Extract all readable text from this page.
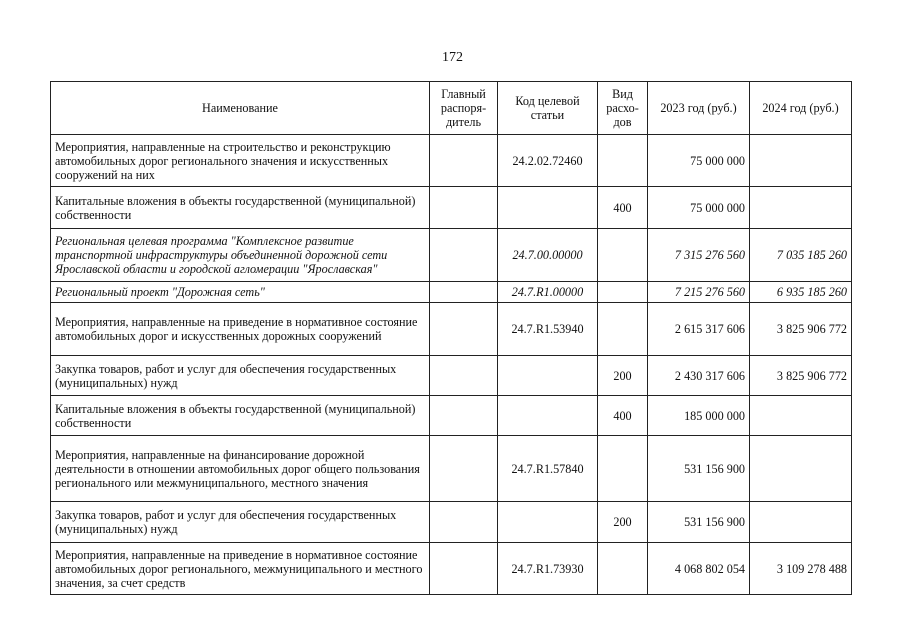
172
Наименование	Главный распоря-дитель	Код целевой статьи	Вид расхо-дов	2023 год (руб.)	2024 год (руб.)
Мероприятия, направленные на строительство и реконструкцию автомобильных дорог регионального значения и искусственных сооружений на них		24.2.02.72460		75 000 000	
Капитальные вложения в объекты государственной (муниципальной) собственности			400	75 000 000	
Региональная целевая программа "Комплексное развитие транспортной инфраструктуры объединенной дорожной сети Ярославской области и городской агломерации "Ярославская"		24.7.00.00000		7 315 276 560	7 035 185 260
Региональный проект "Дорожная сеть"		24.7.R1.00000		7 215 276 560	6 935 185 260
Мероприятия, направленные на приведение в нормативное состояние автомобильных дорог и искусственных дорожных сооружений		24.7.R1.53940		2 615 317 606	3 825 906 772
Закупка товаров, работ и услуг для обеспечения государственных (муниципальных) нужд			200	2 430 317 606	3 825 906 772
Капитальные вложения в объекты государственной (муниципальной) собственности			400	185 000 000	
Мероприятия, направленные на финансирование дорожной деятельности в отношении автомобильных дорог общего пользования регионального или межмуниципального, местного значения		24.7.R1.57840		531 156 900	
Закупка товаров, работ и услуг для обеспечения государственных (муниципальных) нужд			200	531 156 900	
Мероприятия, направленные на приведение в нормативное состояние автомобильных дорог регионального, межмуниципального и местного значения, за счет средств		24.7.R1.73930		4 068 802 054	3 109 278 488
